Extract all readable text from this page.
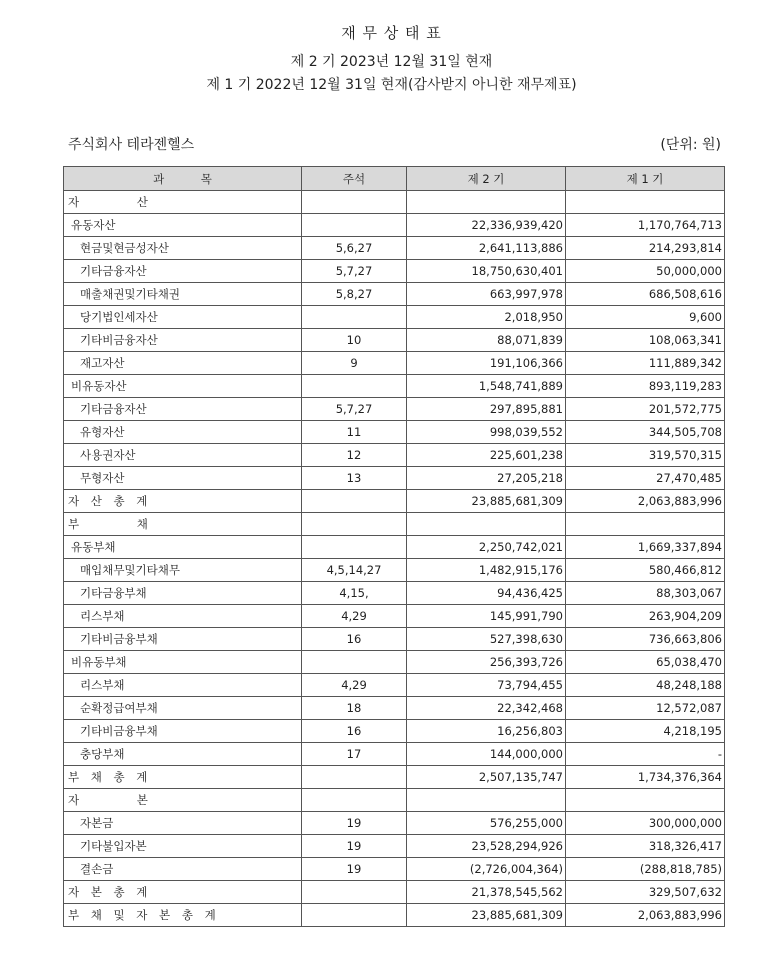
재 무 상 태 표
제 2 기 2023년 12월 31일 현재
제 1 기 2022년 12월 31일 현재(감사받지 아니한 재무제표)
주식회사 테라젠헬스	(단위: 원)
과          목	주석	제 2 기	제 1 기
자       산			
유동자산		22,336,939,420	1,170,764,713
현금및현금성자산	5,6,27	2,641,113,886	214,293,814
기타금융자산	5,7,27	18,750,630,401	50,000,000
매출채권및기타채권	5,8,27	663,997,978	686,508,616
당기법인세자산		2,018,950	9,600
기타비금융자산	10	88,071,839	108,063,341
재고자산	9	191,106,366	111,889,342
비유동자산		1,548,741,889	893,119,283
기타금융자산	5,7,27	297,895,881	201,572,775
유형자산	11	998,039,552	344,505,708
사용권자산	12	225,601,238	319,570,315
무형자산	13	27,205,218	27,470,485
자 산 총 계		23,885,681,309	2,063,883,996
부       채			
유동부채		2,250,742,021	1,669,337,894
매입채무및기타채무	4,5,14,27	1,482,915,176	580,466,812
기타금융부채	4,15,	94,436,425	88,303,067
리스부채	4,29	145,991,790	263,904,209
기타비금융부채	16	527,398,630	736,663,806
비유동부채		256,393,726	65,038,470
리스부채	4,29	73,794,455	48,248,188
순확정급여부채	18	22,342,468	12,572,087
기타비금융부채	16	16,256,803	4,218,195
충당부채	17	144,000,000	-
부 채 총 계		2,507,135,747	1,734,376,364
자       본			
자본금	19	576,255,000	300,000,000
기타불입자본	19	23,528,294,926	318,326,417
결손금	19	(2,726,004,364)	(288,818,785)
자 본 총 계		21,378,545,562	329,507,632
부 채 및 자 본 총 계		23,885,681,309	2,063,883,996
